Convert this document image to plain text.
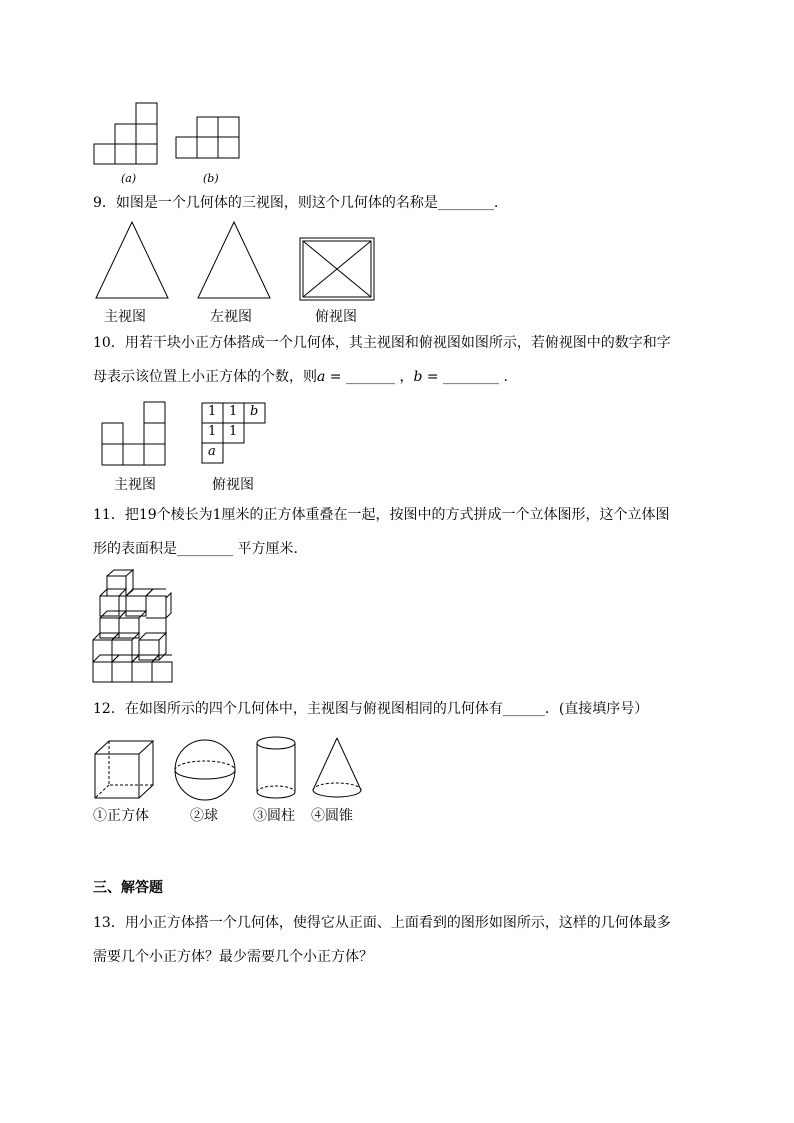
(a)	(b)
9．如图是一个几何体的三视图，则这个几何体的名称是________.
主视图	左视图	俯视图
10．用若干块小正方体搭成一个几何体，其主视图和俯视图如图所示，若俯视图中的数字和字
母表示该位置上小正方体的个数，则a = _______ ，b = ________ .
主视图
1 1 b
1 1
a
俯视图
11．把19个棱长为1厘米的正方体重叠在一起，按图中的方式拼成一个立体图形，这个立体图
形的表面积是________ 平方厘米．
12．在如图所示的四个几何体中，主视图与俯视图相同的几何体有______．(直接填序号）
①正方体	②球	③圆柱 ④圆锥
三、解答题
13．用小正方体搭一个几何体，使得它从正面、上面看到的图形如图所示，这样的几何体最多
需要几个小正方体？最少需要几个小正方体？
